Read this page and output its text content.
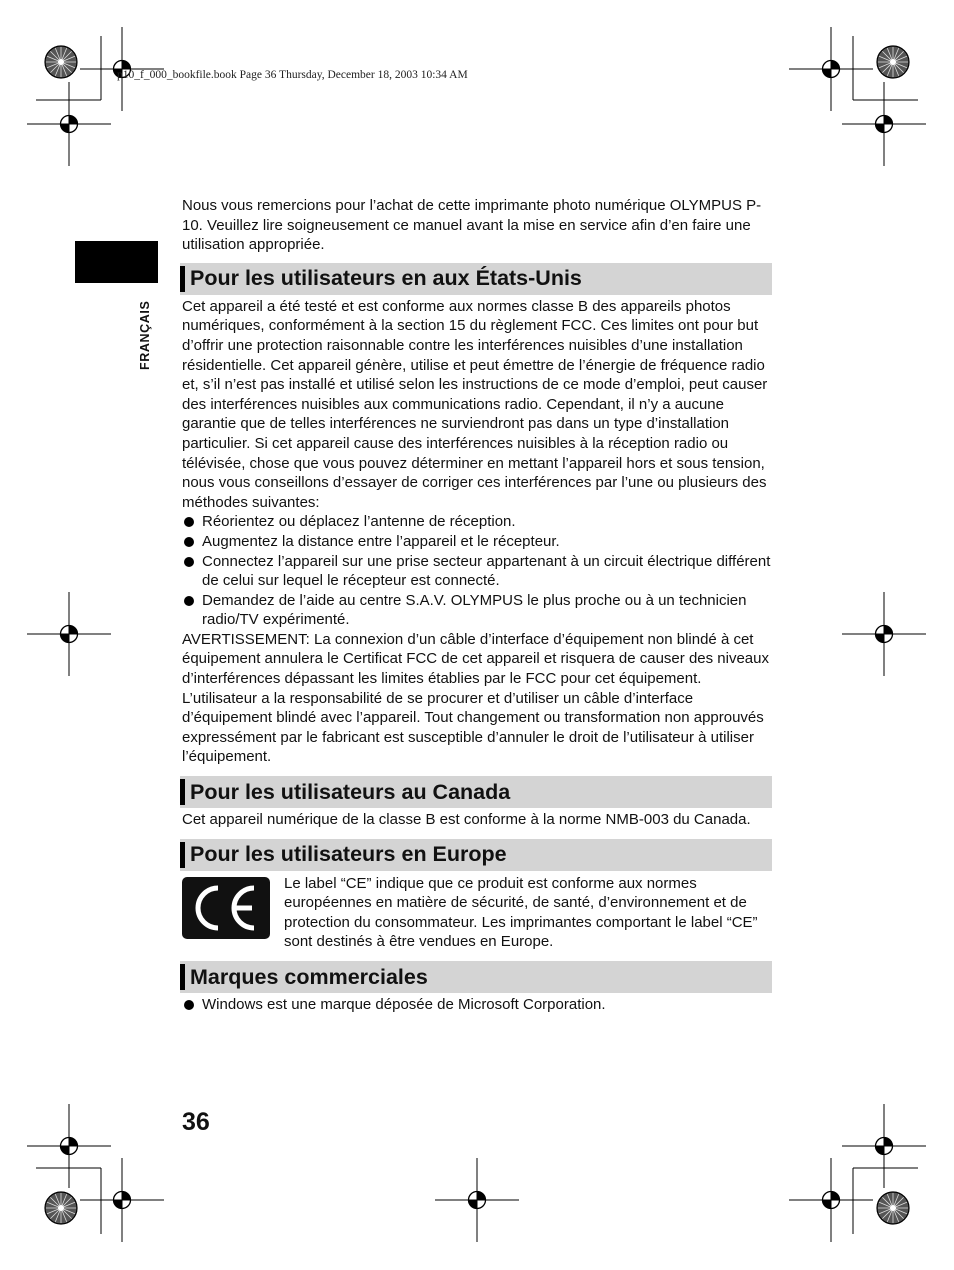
p10_f_000_bookfile.book Page 36 Thursday, December 18, 2003 10:34 AM
FRANÇAIS

Nous vous remercions pour l’achat de cette imprimante photo numérique OLYMPUS P-10. Veuillez lire soigneusement ce manuel avant la mise en service afin d’en faire une utilisation appropriée.

Pour les utilisateurs en aux États-Unis

Cet appareil a été testé et est conforme aux normes classe B des appareils photos numériques, conformément à la section 15 du règlement FCC. Ces limites ont pour but d’offrir une protection raisonnable contre les interférences nuisibles d’une installation résidentielle. Cet appareil génère, utilise et peut émettre de l’énergie de fréquence radio et, s’il n’est pas installé et utilisé selon les instructions de ce mode d’emploi, peut causer des interférences nuisibles aux communications radio. Cependant, il n’y a aucune garantie que de telles interférences ne surviendront pas dans un type d’installation particulier. Si cet appareil cause des interférences nuisibles à la réception radio ou télévisée, chose que vous pouvez déterminer en mettant l’appareil hors et sous tension, nous vous conseillons d’essayer de corriger ces interférences par l’une ou plusieurs des méthodes suivantes:

Réorientez ou déplacez l’antenne de réception.
Augmentez la distance entre l’appareil et le récepteur.
Connectez l’appareil sur une prise secteur appartenant à un circuit électrique différent de celui sur lequel le récepteur est connecté.
Demandez de l’aide au centre S.A.V. OLYMPUS le plus proche ou à un technicien radio/TV expérimenté.

AVERTISSEMENT: La connexion d’un câble d’interface d’équipement non blindé à cet équipement annulera le Certificat FCC de cet appareil et risquera de causer des niveaux d’interférences dépassant les limites établies par le FCC pour cet équipement. L’utilisateur a la responsabilité de se procurer et d’utiliser un câble d’interface d’équipement blindé avec l’appareil. Tout changement ou transformation non approuvés expressément par le fabricant est susceptible d’annuler le droit de l’utilisateur à utiliser l’équipement.

Pour les utilisateurs au Canada

Cet appareil numérique de la classe B est conforme à la norme NMB-003 du Canada.

Pour les utilisateurs en Europe

Le label “CE” indique que ce produit est conforme aux normes européennes en matière de sécurité, de santé, d’environnement et de protection du consommateur. Les imprimantes comportant le label “CE” sont destinés à être vendues en Europe.

Marques commerciales
Windows est une marque déposée de Microsoft Corporation.
36
